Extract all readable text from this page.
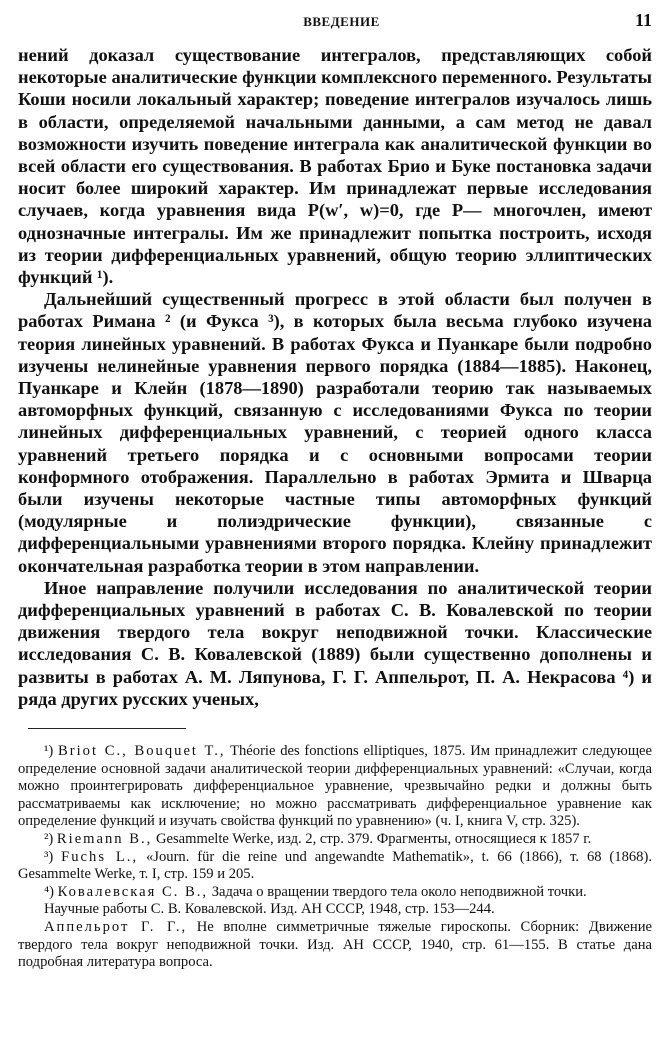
ВВЕДЕНИЕ	11

нений доказал существование интегралов, представляющих собой некоторые аналитические функции комплексного переменного. Результаты Коши носили локальный характер; поведение интегралов изучалось лишь в области, определяемой начальными данными, а сам метод не давал возможности изучить поведение интеграла как аналитической функции во всей области его существования. В работах Брио и Буке постановка задачи носит более широкий характер. Им принадлежат первые исследования случаев, когда уравнения вида P(w′, w)=0, где P— многочлен, имеют однозначные интегралы. Им же принадлежит попытка построить, исходя из теории дифференциальных уравнений, общую теорию эллиптических функций ¹).

Дальнейший существенный прогресс в этой области был получен в работах Римана ² (и Фукса ³), в которых была весьма глубоко изучена теория линейных уравнений. В работах Фукса и Пуанкаре были подробно изучены нелинейные уравнения первого порядка (1884—1885). Наконец, Пуанкаре и Клейн (1878—1890) разработали теорию так называемых автоморфных функций, связанную с исследованиями Фукса по теории линейных дифференциальных уравнений, с теорией одного класса уравнений третьего порядка и с основными вопросами теории конформного отображения. Параллельно в работах Эрмита и Шварца были изучены некоторые частные типы автоморфных функций (модулярные и полиэдрические функции), связанные с дифференциальными уравнениями второго порядка. Клейну принадлежит окончательная разработка теории в этом направлении.

Иное направление получили исследования по аналитической теории дифференциальных уравнений в работах С. В. Ковалевской по теории движения твердого тела вокруг неподвижной точки. Классические исследования С. В. Ковалевской (1889) были существенно дополнены и развиты в работах А. М. Ляпунова, Г. Г. Аппельрот, П. А. Некрасова ⁴) и ряда других русских ученых,

¹) Briot C., Bouquet T., Théorie des fonctions elliptiques, 1875. Им принадлежит следующее определение основной задачи аналитической теории дифференциальных уравнений: «Случаи, когда можно проинтегрировать дифференциальное уравнение, чрезвычайно редки и должны быть рассматриваемы как исключение; но можно рассматривать дифференциальное уравнение как определение функций и изучать свойства функций по уравнению» (ч. I, книга V, стр. 325).

²) Riemann B., Gesammelte Werke, изд. 2, стр. 379. Фрагменты, относящиеся к 1857 г.

³) Fuchs L., «Journ. für die reine und angewandte Mathematik», t. 66 (1866), т. 68 (1868). Gesammelte Werke, т. I, стр. 159 и 205.

⁴) Ковалевская С. В., Задача о вращении твердого тела около неподвижной точки.

Научные работы С. В. Ковалевской. Изд. АН СССР, 1948, стр. 153—244.

Аппельрот Г. Г., Не вполне симметричные тяжелые гироскопы. Сборник: Движение твердого тела вокруг неподвижной точки. Изд. АН СССР, 1940, стр. 61—155. В статье дана подробная литература вопроса.
